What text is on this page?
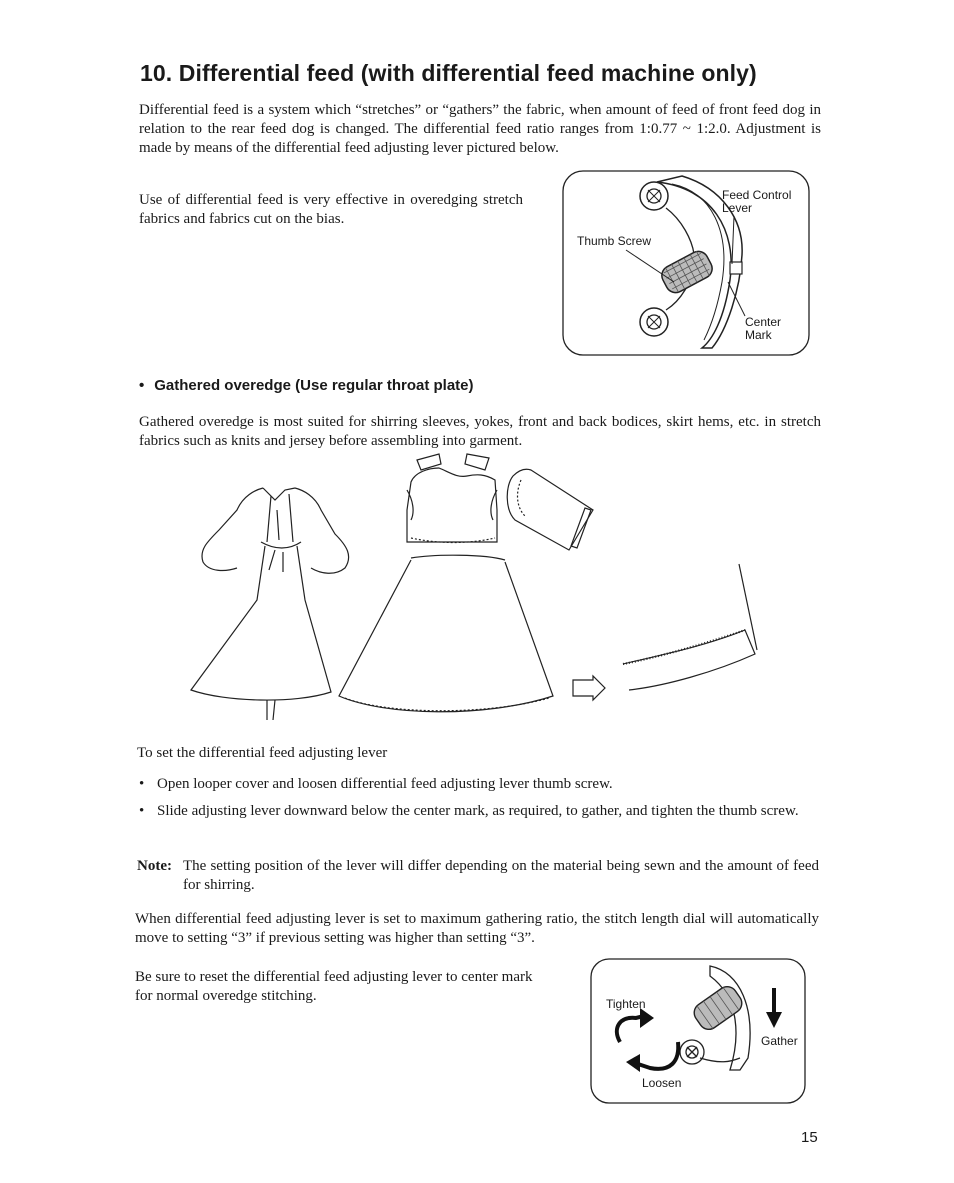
10. Differential feed (with differential feed machine only)

Differential feed is a system which “stretches” or “gathers” the fabric, when amount of feed of front feed dog in relation to the rear feed dog is changed. The differential feed ratio ranges from 1:0.77 ~ 1:2.0. Adjustment is made by means of the differential feed adjusting lever pictured below.

Use of differential feed is very effective in overedging stretch fabrics and fabrics cut on the bias.

Feed Control Lever
Thumb Screw
Center Mark
• Gathered overedge (Use regular throat plate)

Gathered overedge is most suited for shirring sleeves, yokes, front and back bodices, skirt hems, etc. in stretch fabrics such as knits and jersey before assembling into garment.

To set the differential feed adjusting lever

• Open looper cover and loosen differential feed adjusting lever thumb screw.
• Slide adjusting lever downward below the center mark, as required, to gather, and tighten the thumb screw.
Note: The setting position of the lever will differ depending on the material being sewn and the amount of feed for shirring.

When differential feed adjusting lever is set to maximum gathering ratio, the stitch length dial will automatically move to setting “3” if previous setting was higher than setting “3”.

Be sure to reset the differential feed adjusting lever to center mark for normal overedge stitching.	Tighten
Loosen
Gather
15
